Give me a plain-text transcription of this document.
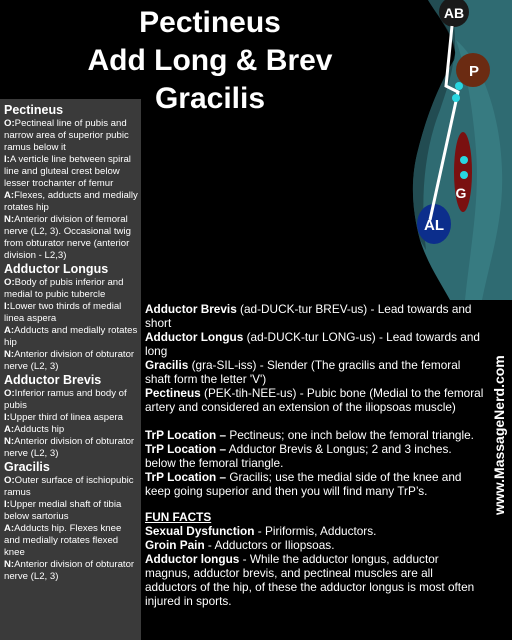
Pectineus
Add Long & Brev
Gracilis
AB
P
G
AL

Pectineus

O:Pectineal line of pubis and narrow area of superior pubic ramus below it

I:A verticle line between spiral line and gluteal crest below lesser trochanter of femur

A:Flexes, adducts and medially rotates hip

N:Anterior division of femoral nerve (L2, 3). Occasional twig from obturator nerve (anterior division - L2,3)

Adductor Longus

O:Body of pubis inferior and medial to pubic tubercle

I:Lower two thirds of medial linea aspera

A:Adducts and medially rotates hip

N:Anterior division of obturator nerve (L2, 3)

Adductor Brevis

O:Inferior ramus and body of pubis

I:Upper third of linea aspera

A:Adducts hip

N:Anterior division of obturator nerve (L2, 3)

Gracilis

O:Outer surface of ischiopubic ramus

I:Upper medial shaft of tibia below sartorius

A:Adducts hip. Flexes knee and medially rotates flexed knee

N:Anterior division of obturator nerve (L2, 3)

Adductor Brevis (ad-DUCK-tur BREV-us) - Lead towards and short

Adductor Longus (ad-DUCK-tur LONG-us) - Lead towards and long

Gracilis (gra-SIL-iss) - Slender (The gracilis and the femoral shaft form the letter 'V')

Pectineus (PEK-tih-NEE-us) - Pubic bone (Medial to the femoral artery and considered an extension of the iliopsoas muscle)

TrP Location – Pectineus; one inch below the femoral triangle.

TrP Location – Adductor Brevis & Longus; 2 and 3 inches. below the femoral triangle.

TrP Location – Gracilis; use the medial side of the knee and keep going superior and then you will find many TrP’s.

FUN FACTS

Sexual Dysfunction - Piriformis, Adductors.

Groin Pain - Adductors or Iliopsoas.

Adductor longus - While the adductor longus, adductor magnus, adductor brevis, and pectineal muscles are all adductors of the hip, of these the adductor longus is most often injured in sports.

www.MassageNerd.com
